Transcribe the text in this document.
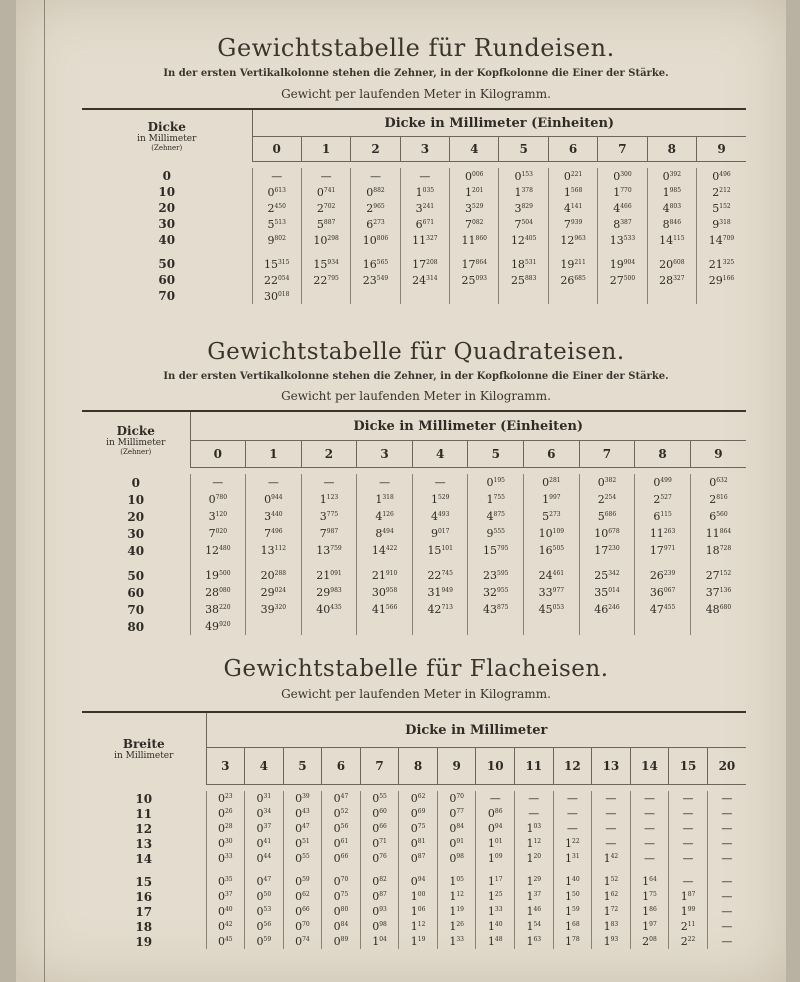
Gewichtstabelle für Rundeisen.
In der ersten Vertikalkolonne stehen die Zehner, in der Kopfkolonne die Einer der Stärke.
Gewicht per laufenden Meter in Kilogramm.
Dicke
in Millimeter
(Zehner)	Dicke in Millimeter (Einheiten)									
	0	1	2	3	4	5	6	7	8	9

0	—	—	—	—	$0^{006}$	$0^{153}$	$0^{221}$	$0^{300}$	$0^{392}$	$0^{496}$
10	$0^{613}$	$0^{741}$	$0^{882}$	$1^{035}$	$1^{201}$	$1^{378}$	$1^{568}$	$1^{770}$	$1^{985}$	$2^{212}$
20	$2^{450}$	$2^{702}$	$2^{965}$	$3^{241}$	$3^{529}$	$3^{829}$	$4^{141}$	$4^{466}$	$4^{803}$	$5^{152}$
30	$5^{513}$	$5^{887}$	$6^{273}$	$6^{671}$	$7^{082}$	$7^{504}$	$7^{939}$	$8^{387}$	$8^{846}$	$9^{318}$
40	$9^{802}$	$10^{298}$	$10^{806}$	$11^{327}$	$11^{860}$	$12^{405}$	$12^{963}$	$13^{533}$	$14^{115}$	$14^{709}$

50	$15^{315}$	$15^{934}$	$16^{565}$	$17^{208}$	$17^{864}$	$18^{531}$	$19^{211}$	$19^{904}$	$20^{608}$	$21^{325}$
60	$22^{054}$	$22^{795}$	$23^{549}$	$24^{314}$	$25^{093}$	$25^{883}$	$26^{685}$	$27^{500}$	$28^{327}$	$29^{166}$
70	$30^{018}$									
Gewichtstabelle für Quadrateisen.
In der ersten Vertikalkolonne stehen die Zehner, in der Kopfkolonne die Einer der Stärke.
Gewicht per laufenden Meter in Kilogramm.
Dicke
in Millimeter
(Zehner)	Dicke in Millimeter (Einheiten)									
	0	1	2	3	4	5	6	7	8	9

0	—	—	—	—	—	$0^{195}$	$0^{281}$	$0^{382}$	$0^{499}$	$0^{632}$
10	$0^{780}$	$0^{944}$	$1^{123}$	$1^{318}$	$1^{529}$	$1^{755}$	$1^{997}$	$2^{254}$	$2^{527}$	$2^{816}$
20	$3^{120}$	$3^{440}$	$3^{775}$	$4^{126}$	$4^{493}$	$4^{875}$	$5^{273}$	$5^{686}$	$6^{115}$	$6^{560}$
30	$7^{020}$	$7^{496}$	$7^{987}$	$8^{494}$	$9^{017}$	$9^{555}$	$10^{109}$	$10^{678}$	$11^{263}$	$11^{864}$
40	$12^{480}$	$13^{112}$	$13^{759}$	$14^{422}$	$15^{101}$	$15^{795}$	$16^{505}$	$17^{230}$	$17^{971}$	$18^{728}$

50	$19^{500}$	$20^{288}$	$21^{091}$	$21^{910}$	$22^{745}$	$23^{595}$	$24^{461}$	$25^{342}$	$26^{239}$	$27^{152}$
60	$28^{080}$	$29^{024}$	$29^{983}$	$30^{958}$	$31^{949}$	$32^{955}$	$33^{977}$	$35^{014}$	$36^{067}$	$37^{136}$
70	$38^{220}$	$39^{320}$	$40^{435}$	$41^{566}$	$42^{713}$	$43^{875}$	$45^{053}$	$46^{246}$	$47^{455}$	$48^{680}$
80	$49^{920}$									
Gewichtstabelle für Flacheisen.
Gewicht per laufenden Meter in Kilogramm.
Breite
in Millimeter	Dicke in Millimeter													
	3	4	5	6	7	8	9	10	11	12	13	14	15	20

10	$0^{23}$	$0^{31}$	$0^{39}$	$0^{47}$	$0^{55}$	$0^{62}$	$0^{70}$	—	—	—	—	—	—	—
11	$0^{26}$	$0^{34}$	$0^{43}$	$0^{52}$	$0^{60}$	$0^{69}$	$0^{77}$	$0^{86}$	—	—	—	—	—	—
12	$0^{28}$	$0^{37}$	$0^{47}$	$0^{56}$	$0^{66}$	$0^{75}$	$0^{84}$	$0^{94}$	$1^{03}$	—	—	—	—	—
13	$0^{30}$	$0^{41}$	$0^{51}$	$0^{61}$	$0^{71}$	$0^{81}$	$0^{91}$	$1^{01}$	$1^{12}$	$1^{22}$	—	—	—	—
14	$0^{33}$	$0^{44}$	$0^{55}$	$0^{66}$	$0^{76}$	$0^{87}$	$0^{98}$	$1^{09}$	$1^{20}$	$1^{31}$	$1^{42}$	—	—	—

15	$0^{35}$	$0^{47}$	$0^{59}$	$0^{70}$	$0^{82}$	$0^{94}$	$1^{05}$	$1^{17}$	$1^{29}$	$1^{40}$	$1^{52}$	$1^{64}$	—	—
16	$0^{37}$	$0^{50}$	$0^{62}$	$0^{75}$	$0^{87}$	$1^{00}$	$1^{12}$	$1^{25}$	$1^{37}$	$1^{50}$	$1^{62}$	$1^{75}$	$1^{87}$	—
17	$0^{40}$	$0^{53}$	$0^{66}$	$0^{80}$	$0^{93}$	$1^{06}$	$1^{19}$	$1^{33}$	$1^{46}$	$1^{59}$	$1^{72}$	$1^{86}$	$1^{99}$	—
18	$0^{42}$	$0^{56}$	$0^{70}$	$0^{84}$	$0^{98}$	$1^{12}$	$1^{26}$	$1^{40}$	$1^{54}$	$1^{68}$	$1^{83}$	$1^{97}$	$2^{11}$	—
19	$0^{45}$	$0^{59}$	$0^{74}$	$0^{89}$	$1^{04}$	$1^{19}$	$1^{33}$	$1^{48}$	$1^{63}$	$1^{78}$	$1^{93}$	$2^{08}$	$2^{22}$	—
